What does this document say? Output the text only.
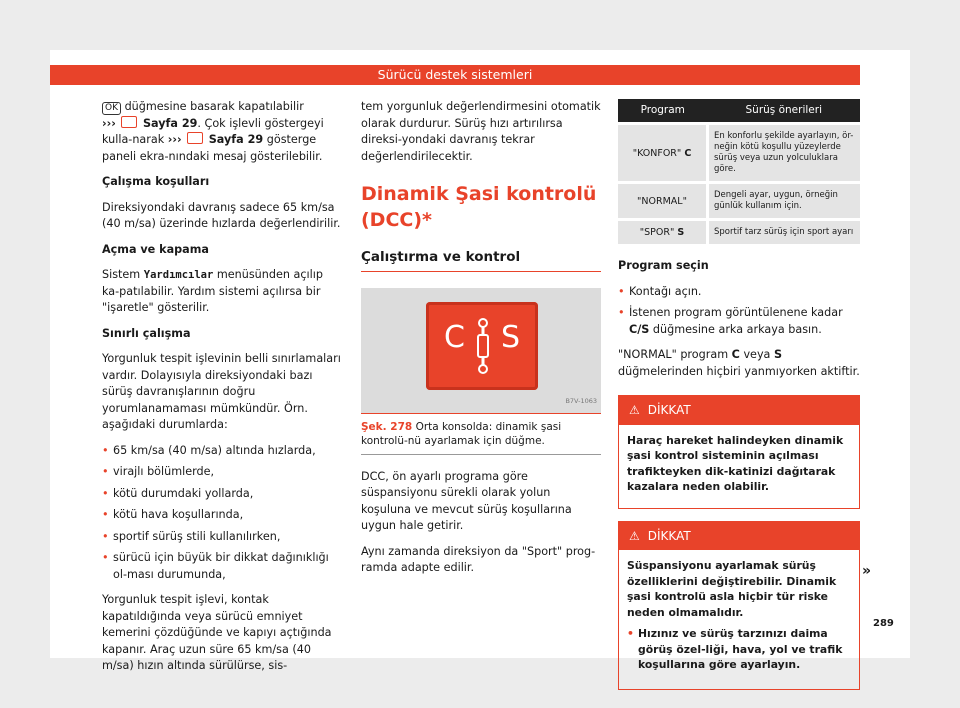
Sürücü destek sistemleri

OK düğmesine basarak kapatılabilir
››› Sayfa 29. Çok işlevli göstergeyi kulla-narak ››› Sayfa 29 gösterge paneli ekra-nındaki mesaj gösterilebilir.

Çalışma koşulları

Direksiyondaki davranış sadece 65 km/sa (40 m/sa) üzerinde hızlarda değerlendirilir.

Açma ve kapama

Sistem Yardımcılar menüsünden açılıp ka-patılabilir. Yardım sistemi açılırsa bir "işaretle" gösterilir.

Sınırlı çalışma

Yorgunluk tespit işlevinin belli sınırlamaları vardır. Dolayısıyla direksiyondaki bazı sürüş davranışlarının doğru yorumlanamaması mümkündür. Örn. aşağıdaki durumlarda:

• 65 km/sa (40 m/sa) altında hızlarda,
• virajlı bölümlerde,
• kötü durumdaki yollarda,
• kötü hava koşullarında,
• sportif sürüş stili kullanılırken,
• sürücü için büyük bir dikkat dağınıklığı ol-ması durumunda,

Yorgunluk tespit işlevi, kontak kapatıldığında veya sürücü emniyet kemerini çözdüğünde ve kapıyı açtığında kapanır. Araç uzun süre 65 km/sa (40 m/sa) hızın altında sürülürse, sis-

tem yorgunluk değerlendirmesini otomatik olarak durdurur. Sürüş hızı artırılırsa direksi-yondaki davranış tekrar değerlendirilecektir.

Dinamik Şasi kontrolü (DCC)*
Çalıştırma ve kontrol
C S
B7V-1063
Şek. 278 Orta konsolda: dinamik şasi kontrolü-nü ayarlamak için düğme.

DCC, ön ayarlı programa göre süspansiyonu sürekli olarak yolun koşuluna ve mevcut sürüş koşullarına uygun hale getirir.

Aynı zamanda direksiyon da "Sport" prog-ramda adapte edilir.

Program	Sürüş önerileri
"KONFOR" C	En konforlu şekilde ayarlayın, ör-neğin kötü koşullu yüzeylerde sürüş veya uzun yolculuklara göre.
"NORMAL"	Dengeli ayar, uygun, örneğin günlük kullanım için.
"SPOR" S	Sportif tarz sürüş için sport ayarı

Program seçin

• Kontağı açın.
• İstenen program görüntülenene kadar C/S düğmesine arka arkaya basın.

"NORMAL" program C veya S düğmelerinden hiçbiri yanmıyorken aktiftir.

⚠ DİKKAT

Haraç hareket halindeyken dinamik şasi kontrol sisteminin açılması trafikteyken dik-katinizi dağıtarak kazalara neden olabilir.

⚠ DİKKAT

Süspansiyonu ayarlamak sürüş özelliklerini değiştirebilir. Dinamik şasi kontrolü asla hiçbir tür riske neden olmamalıdır.

• Hızınız ve sürüş tarzınızı daima görüş özel-liği, hava, yol ve trafik koşullarına göre ayarlayın.
»
289
